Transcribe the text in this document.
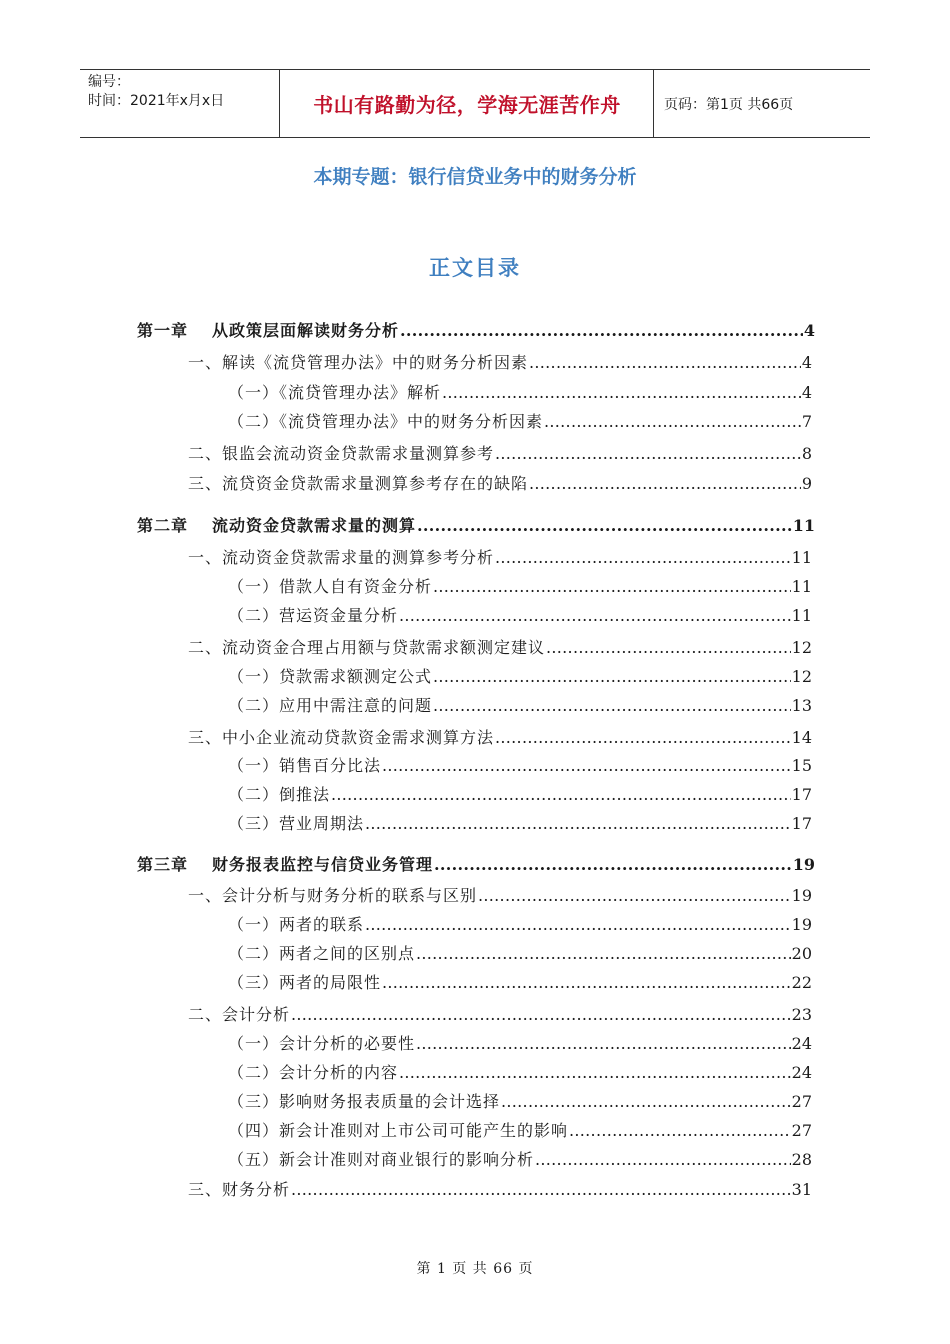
编号：
时间：2021年x月x日	书山有路勤为径，学海无涯苦作舟	页码：第1页 共66页
本期专题：银行信贷业务中的财务分析
正文目录
第一章 从政策层面解读财务分析 .....	4
一、解读《流贷管理办法》中的财务分析因素 .....	4
（一）《流贷管理办法》解析 .....	4
（二）《流贷管理办法》中的财务分析因素 .....	7
二、银监会流动资金贷款需求量测算参考 .....	8
三、流贷资金贷款需求量测算参考存在的缺陷 .....	9
第二章 流动资金贷款需求量的测算 .....	11
一、流动资金贷款需求量的测算参考分析 .....	11
（一）借款人自有资金分析 .....	11
（二）营运资金量分析 .....	11
二、流动资金合理占用额与贷款需求额测定建议 .....	12
（一）贷款需求额测定公式 .....	12
（二）应用中需注意的问题 .....	13
三、中小企业流动贷款资金需求测算方法 .....	14
（一）销售百分比法 .....	15
（二）倒推法 .....	17
（三）营业周期法 .....	17
第三章 财务报表监控与信贷业务管理 .....	19
一、会计分析与财务分析的联系与区别 .....	19
（一）两者的联系 .....	19
（二）两者之间的区别点 .....	20
（三）两者的局限性 .....	22
二、会计分析 .....	23
（一）会计分析的必要性 .....	24
（二）会计分析的内容 .....	24
（三）影响财务报表质量的会计选择 .....	27
（四）新会计准则对上市公司可能产生的影响 .....	27
（五）新会计准则对商业银行的影响分析 .....	28
三、财务分析 .....	31
第 1 页 共 66 页
